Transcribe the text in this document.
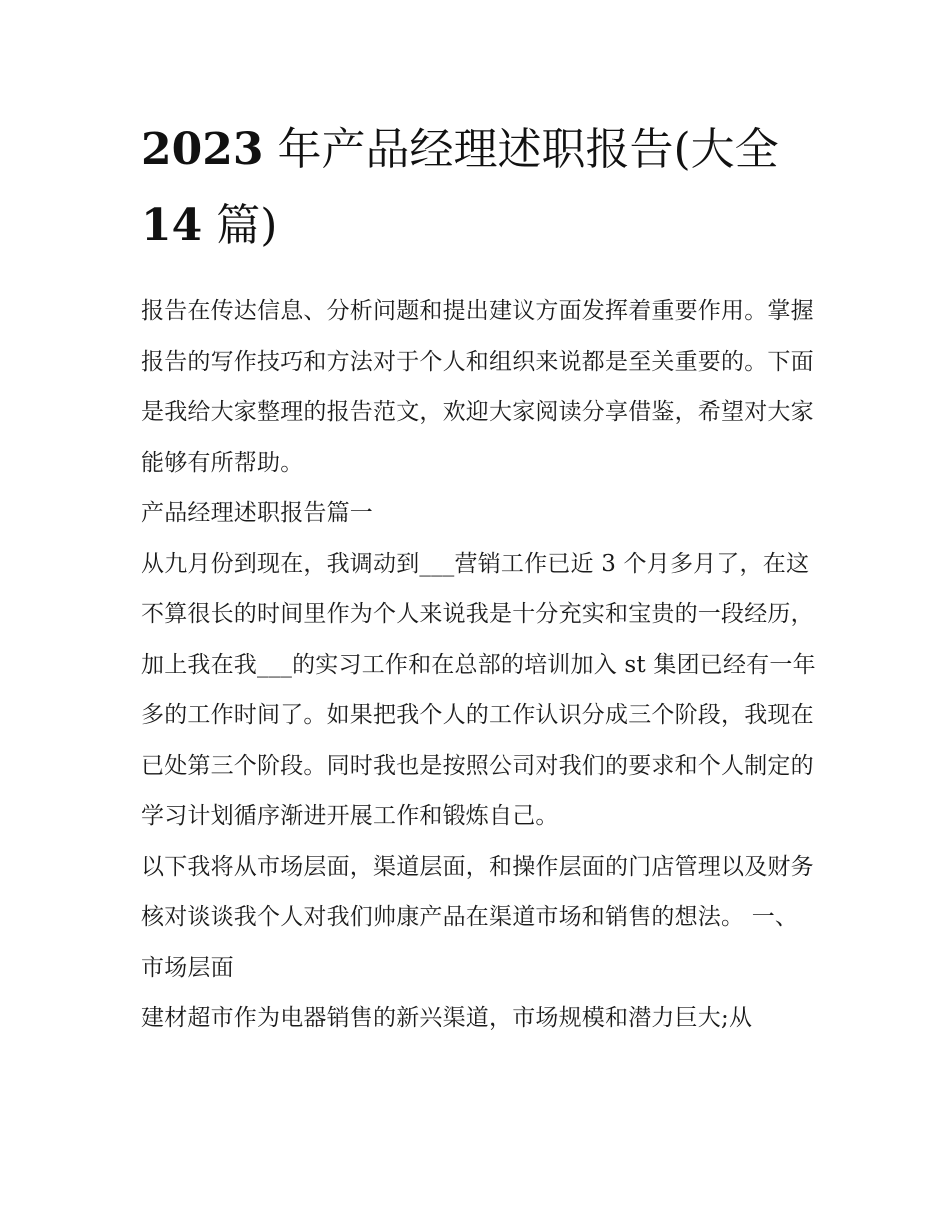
2023 年产品经理述职报告(大全14 篇)

报告在传达信息、分析问题和提出建议方面发挥着重要作用。掌握报告的写作技巧和方法对于个人和组织来说都是至关重要的。下面是我给大家整理的报告范文，欢迎大家阅读分享借鉴，希望对大家能够有所帮助。

产品经理述职报告篇一

从九月份到现在，我调动到___营销工作已近 3 个月多月了，在这不算很长的时间里作为个人来说我是十分充实和宝贵的一段经历，加上我在我___的实习工作和在总部的培训加入 st 集团已经有一年多的工作时间了。如果把我个人的工作认识分成三个阶段，我现在已处第三个阶段。同时我也是按照公司对我们的要求和个人制定的学习计划循序渐进开展工作和锻炼自己。

以下我将从市场层面，渠道层面，和操作层面的门店管理以及财务核对谈谈我个人对我们帅康产品在渠道市场和销售的想法。 一、市场层面

建材超市作为电器销售的新兴渠道，市场规模和潜力巨大;从
